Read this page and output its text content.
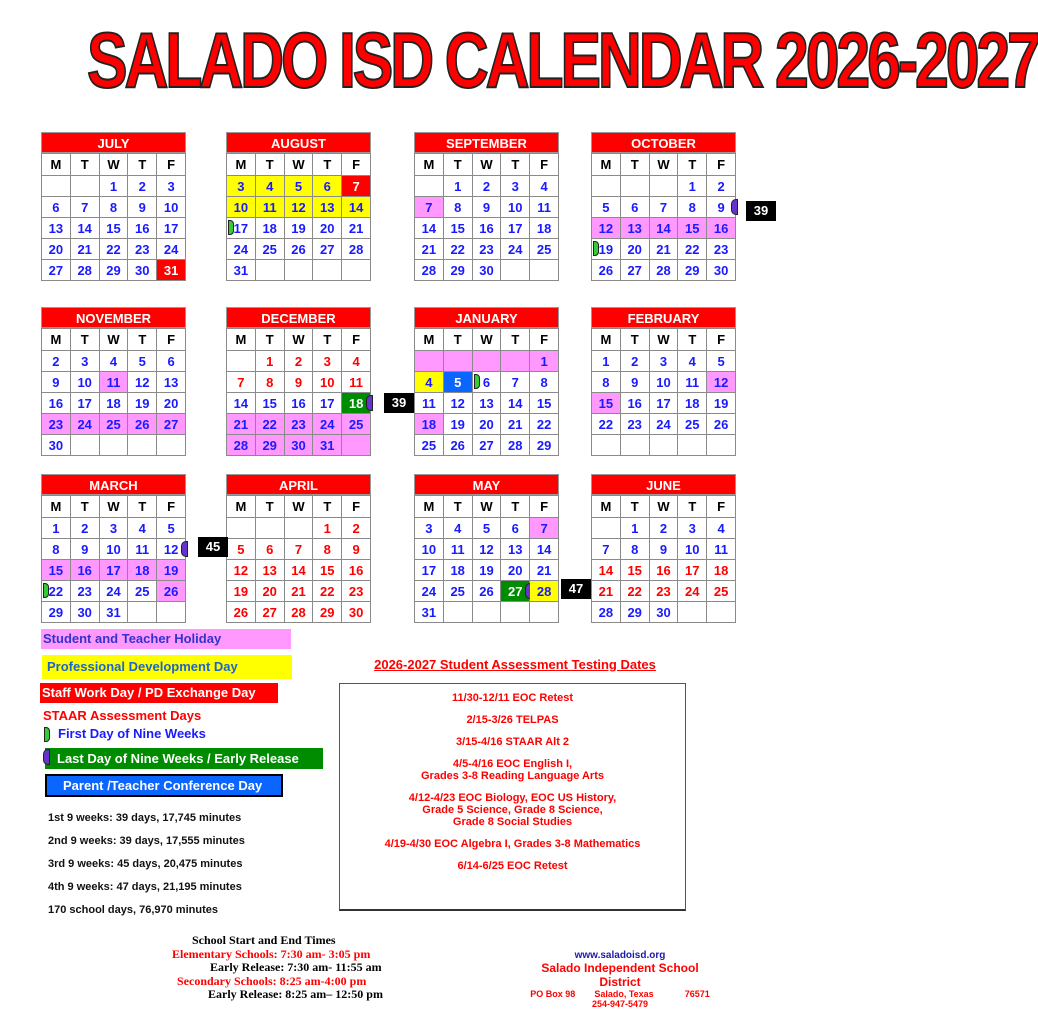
SALADO ISD CALENDAR 2026-2027
JULY
M	T	W	T	F
		1	2	3
6	7	8	9	10
13	14	15	16	17
20	21	22	23	24
27	28	29	30	31
AUGUST
M	T	W	T	F
3	4	5	6	7
10	11	12	13	14

17	18	19	20	21
24	25	26	27	28
31				
SEPTEMBER
M	T	W	T	F
	1	2	3	4
7	8	9	10	11
14	15	16	17	18
21	22	23	24	25
28	29	30		
OCTOBER
M	T	W	T	F
			1	2
5	6	7	8	9

12	13	14	15	16

19	20	21	22	23
26	27	28	29	30
NOVEMBER
M	T	W	T	F
2	3	4	5	6
9	10	11	12	13
16	17	18	19	20
23	24	25	26	27
30				
DECEMBER
M	T	W	T	F
	1	2	3	4
7	8	9	10	11
14	15	16	17	18

21	22	23	24	25
28	29	30	31	
JANUARY
M	T	W	T	F
				1
4	5	6	7	8
11	12	13	14	15
18	19	20	21	22
25	26	27	28	29
FEBRUARY
M	T	W	T	F
1	2	3	4	5
8	9	10	11	12
15	16	17	18	19
22	23	24	25	26

MARCH
M	T	W	T	F
1	2	3	4	5
8	9	10	11	12

15	16	17	18	19

22	23	24	25	26
29	30	31		
APRIL
M	T	W	T	F
			1	2
5	6	7	8	9
12	13	14	15	16
19	20	21	22	23
26	27	28	29	30
MAY
M	T	W	T	F
3	4	5	6	7
10	11	12	13	14
17	18	19	20	21
24	25	26	27	28
31				
JUNE
M	T	W	T	F
	1	2	3	4
7	8	9	10	11
14	15	16	17	18
21	22	23	24	25
28	29	30		
39
39
45
47
Student and Teacher Holiday
Professional Development Day
Staff Work Day / PD Exchange Day
STAAR Assessment Days
First Day of Nine Weeks
Last Day of Nine Weeks / Early Release
Parent /Teacher Conference Day
1st 9 weeks: 39 days, 17,745 minutes
2nd 9 weeks: 39 days, 17,555 minutes
3rd 9 weeks: 45 days, 20,475 minutes
4th 9 weeks: 47 days, 21,195 minutes
170 school days, 76,970 minutes
2026-2027 Student Assessment Testing Dates
11/30-12/11 EOC Retest
2/15-3/26 TELPAS
3/15-4/16 STAAR Alt 2
4/5-4/16 EOC English I,
Grades 3-8 Reading Language Arts
4/12-4/23 EOC Biology, EOC US History,
Grade 5 Science, Grade 8 Science,
Grade 8 Social Studies
4/19-4/30 EOC Algebra I, Grades 3-8 Mathematics
6/14-6/25 EOC Retest
School Start and End Times
Elementary Schools: 7:30 am- 3:05 pm
Early Release: 7:30 am- 11:55 am
Secondary Schools: 8:25 am-4:00 pm
Early Release: 8:25 am– 12:50 pm
www.saladoisd.org
Salado Independent School District
PO Box 98 Salado, Texas	76571
254-947-5479
